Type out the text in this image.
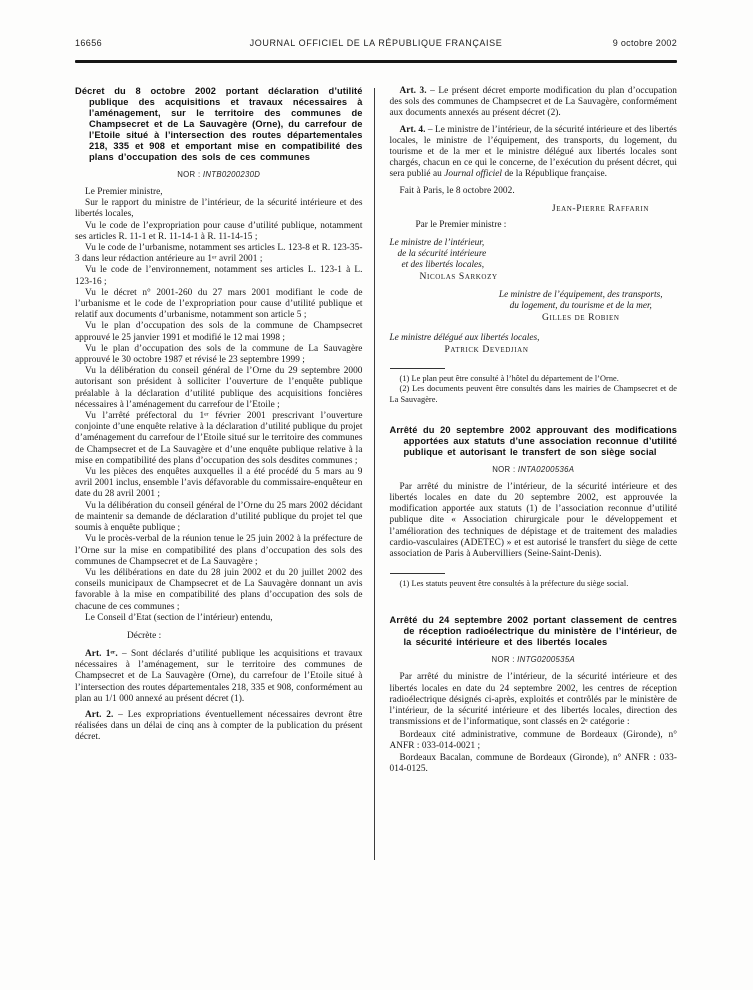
16656	JOURNAL OFFICIEL DE LA RÉPUBLIQUE FRANÇAISE	9 octobre 2002

Décret du 8 octobre 2002 portant déclaration d’utilité publique des acquisitions et travaux nécessaires à l’aménagement, sur le territoire des communes de Champsecret et de La Sauvagère (Orne), du carrefour de l’Etoile situé à l’intersection des routes départementales 218, 335 et 908 et emportant mise en compatibilité des plans d’occupation des sols de ces communes

NOR : INTB0200230D

Le Premier ministre,

Sur le rapport du ministre de l’intérieur, de la sécurité intérieure et des libertés locales,

Vu le code de l’expropriation pour cause d’utilité publique, notamment ses articles R. 11-1 et R. 11-14-1 à R. 11-14-15 ;

Vu le code de l’urbanisme, notamment ses articles L. 123-8 et R. 123-35-3 dans leur rédaction antérieure au 1ᵉʳ avril 2001 ;

Vu le code de l’environnement, notamment ses articles L. 123-1 à L. 123-16 ;

Vu le décret n° 2001-260 du 27 mars 2001 modifiant le code de l’urbanisme et le code de l’expropriation pour cause d’utilité publique et relatif aux documents d’urbanisme, notamment son article 5 ;

Vu le plan d’occupation des sols de la commune de Champsecret approuvé le 25 janvier 1991 et modifié le 12 mai 1998 ;

Vu le plan d’occupation des sols de la commune de La Sauvagère approuvé le 30 octobre 1987 et révisé le 23 septembre 1999 ;

Vu la délibération du conseil général de l’Orne du 29 septembre 2000 autorisant son président à solliciter l’ouverture de l’enquête publique préalable à la déclaration d’utilité publique des acquisitions foncières nécessaires à l’aménagement du carrefour de l’Etoile ;

Vu l’arrêté préfectoral du 1ᵉʳ février 2001 prescrivant l’ouverture conjointe d’une enquête relative à la déclaration d’utilité publique du projet d’aménagement du carrefour de l’Etoile situé sur le territoire des communes de Champsecret et de La Sauvagère et d’une enquête publique relative à la mise en compatibilité des plans d’occupation des sols desdites communes ;

Vu les pièces des enquêtes auxquelles il a été procédé du 5 mars au 9 avril 2001 inclus, ensemble l’avis défavorable du commissaire-enquêteur en date du 28 avril 2001 ;

Vu la délibération du conseil général de l’Orne du 25 mars 2002 décidant de maintenir sa demande de déclaration d’utilité publique du projet tel que soumis à enquête publique ;

Vu le procès-verbal de la réunion tenue le 25 juin 2002 à la préfecture de l’Orne sur la mise en compatibilité des plans d’occupation des sols des communes de Champsecret et de La Sauvagère ;

Vu les délibérations en date du 28 juin 2002 et du 20 juillet 2002 des conseils municipaux de Champsecret et de La Sauvagère donnant un avis favorable à la mise en compatibilité des plans d’occupation des sols de chacune de ces communes ;

Le Conseil d’Etat (section de l’intérieur) entendu,

Décrète :

Art. 1ᵉʳ. – Sont déclarés d’utilité publique les acquisitions et travaux nécessaires à l’aménagement, sur le territoire des communes de Champsecret et de La Sauvagère (Orne), du carrefour de l’Etoile situé à l’intersection des routes départementales 218, 335 et 908, conformément au plan au 1/1 000 annexé au présent décret (1).

Art. 2. – Les expropriations éventuellement nécessaires devront être réalisées dans un délai de cinq ans à compter de la publication du présent décret.

Art. 3. – Le présent décret emporte modification du plan d’occupation des sols des communes de Champsecret et de La Sauvagère, conformément aux documents annexés au présent décret (2).

Art. 4. – Le ministre de l’intérieur, de la sécurité intérieure et des libertés locales, le ministre de l’équipement, des transports, du logement, du tourisme et de la mer et le ministre délégué aux libertés locales sont chargés, chacun en ce qui le concerne, de l’exécution du présent décret, qui sera publié au Journal officiel de la République française.

Fait à Paris, le 8 octobre 2002.

Jean-Pierre Raffarin

Par le Premier ministre :

Le ministre de l’intérieur,

de la sécurité intérieure

et des libertés locales,

Nicolas Sarkozy

Le ministre de l’équipement, des transports,

du logement, du tourisme et de la mer,

Gilles de Robien

Le ministre délégué aux libertés locales,

Patrick Devedjian

(1) Le plan peut être consulté à l’hôtel du département de l’Orne.

(2) Les documents peuvent être consultés dans les mairies de Champsecret et de La Sauvagère.

Arrêté du 20 septembre 2002 approuvant des modifications apportées aux statuts d’une association reconnue d’utilité publique et autorisant le transfert de son siège social

NOR : INTA0200536A

Par arrêté du ministre de l’intérieur, de la sécurité intérieure et des libertés locales en date du 20 septembre 2002, est approuvée la modification apportée aux statuts (1) de l’association reconnue d’utilité publique dite « Association chirurgicale pour le développement et l’amélioration des techniques de dépistage et de traitement des maladies cardio-vasculaires (ADETEC) » et est autorisé le transfert du siège de cette association de Paris à Aubervilliers (Seine-Saint-Denis).

(1) Les statuts peuvent être consultés à la préfecture du siège social.

Arrêté du 24 septembre 2002 portant classement de centres de réception radioélectrique du ministère de l’intérieur, de la sécurité intérieure et des libertés locales

NOR : INTG0200535A

Par arrêté du ministre de l’intérieur, de la sécurité intérieure et des libertés locales en date du 24 septembre 2002, les centres de réception radioélectrique désignés ci-après, exploités et contrôlés par le ministère de l’intérieur, de la sécurité intérieure et des libertés locales, direction des transmissions et de l’informatique, sont classés en 2ᵉ catégorie :

Bordeaux cité administrative, commune de Bordeaux (Gironde), n° ANFR : 033-014-0021 ;

Bordeaux Bacalan, commune de Bordeaux (Gironde), n° ANFR : 033-014-0125.
